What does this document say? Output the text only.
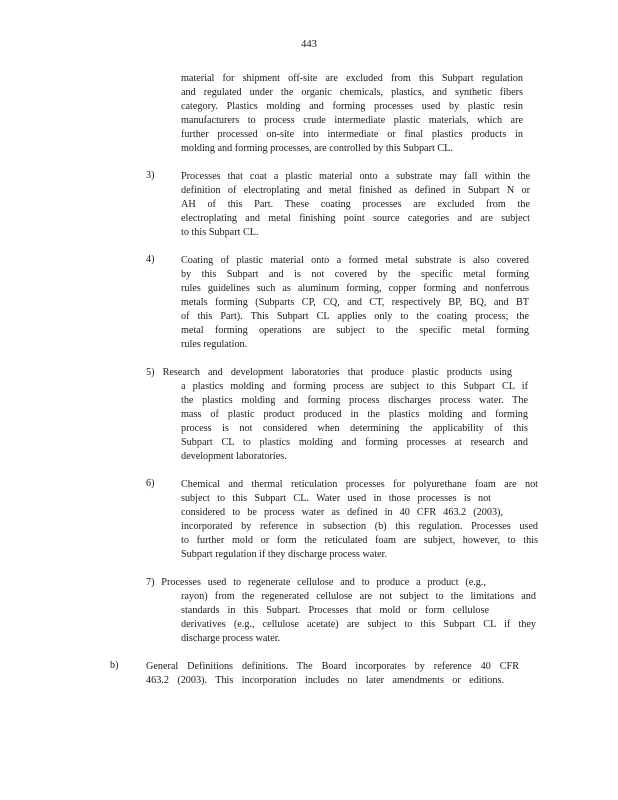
443
material for shipment off-site are excluded from this Subpart regulation
and regulated under the organic chemicals, plastics, and synthetic fibers
category. Plastics molding and forming processes used by plastic resin
manufacturers to process crude intermediate plastic materials, which are
further processed on-site into intermediate or final plastics products in
molding and forming processes, are controlled by this Subpart CL.
3)	Processes that coat a plastic material onto a substrate may fall within the
definition of electroplating and metal finished as defined in Subpart N or
AH of this Part. These coating processes are excluded from the
electroplating and metal finishing point source categories and are subject
to this Subpart CL.
4)	Coating of plastic material onto a formed metal substrate is also covered
by this Subpart and is not covered by the specific metal forming
rules guidelines such as aluminum forming, copper forming and nonferrous
metals forming (Subparts CP, CQ, and CT, respectively BP, BQ, and BT
of this Part). This Subpart CL applies only to the coating process; the
metal forming operations are subject to the specific metal forming
rules regulation.
5) Research and development laboratories that produce plastic products using
a plastics molding and forming process are subject to this Subpart CL if
the plastics molding and forming process discharges process water. The
mass of plastic product produced in the plastics molding and forming
process is not considered when determining the applicability of this
Subpart CL to plastics molding and forming processes at research and
development laboratories.
6)	Chemical and thermal reticulation processes for polyurethane foam are not
subject to this Subpart CL. Water used in those processes is not
considered to be process water as defined in 40 CFR 463.2 (2003),
incorporated by reference in subsection (b) this regulation. Processes used
to further mold or form the reticulated foam are subject, however, to this
Subpart regulation if they discharge process water.
7) Processes used to regenerate cellulose and to produce a product (e.g.,
rayon) from the regenerated cellulose are not subject to the limitations and
standards in this Subpart. Processes that mold or form cellulose
derivatives (e.g., cellulose acetate) are subject to this Subpart CL if they
discharge process water.
b)	General Definitions definitions. The Board incorporates by reference 40 CFR
463.2 (2003). This incorporation includes no later amendments or editions.
